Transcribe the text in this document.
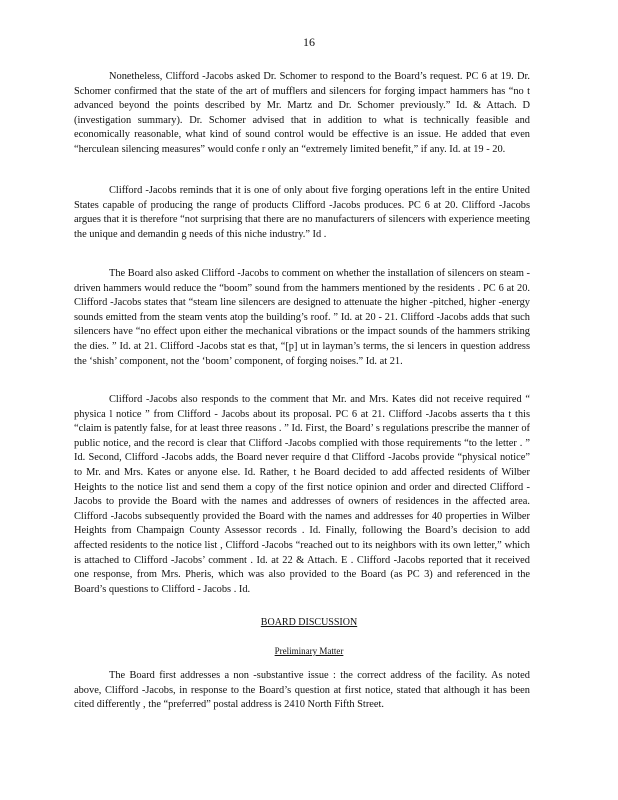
16

Nonetheless, Clifford -Jacobs asked Dr. Schomer to respond to the Board’s request. PC 6 at 19. Dr. Schomer confirmed that the state of the art of mufflers and silencers for forging impact hammers has “no t advanced beyond the points described by Mr. Martz and Dr. Schomer previously.” Id. & Attach. D (investigation summary). Dr. Schomer advised that in addition to what is technically feasible and economically reasonable, what kind of sound control would be effective is an issue. He added that even “herculean silencing measures” would confe r only an “extremely limited benefit,” if any. Id. at 19 - 20.

Clifford -Jacobs reminds that it is one of only about five forging operations left in the entire United States capable of producing the range of products Clifford -Jacobs produces. PC 6 at 20. Clifford -Jacobs argues that it is therefore “not surprising that there are no manufacturers of silencers with experience meeting the unique and demandin g needs of this niche industry.” Id .

The Board also asked Clifford -Jacobs to comment on whether the installation of silencers on steam -driven hammers would reduce the “boom” sound from the hammers mentioned by the residents . PC 6 at 20. Clifford -Jacobs states that “steam line silencers are designed to attenuate the higher -pitched, higher -energy sounds emitted from the steam vents atop the building’s roof. ” Id. at 20 - 21. Clifford -Jacobs adds that such silencers have “no effect upon either the mechanical vibrations or the impact sounds of the hammers striking the dies. ” Id. at 21. Clifford -Jacobs stat es that, “[p] ut in layman’s terms, the si lencers in question address the ‘shish’ component, not the ‘boom’ component, of forging noises.” Id. at 21.

Clifford -Jacobs also responds to the comment that Mr. and Mrs. Kates did not receive required “ physica l notice ” from Clifford - Jacobs about its proposal. PC 6 at 21. Clifford -Jacobs asserts tha t this “claim is patently false, for at least three reasons . ” Id. First, the Board’ s regulations prescribe the manner of public notice, and the record is clear that Clifford -Jacobs complied with those requirements “to the letter . ” Id. Second, Clifford -Jacobs adds, the Board never require d that Clifford -Jacobs provide “physical notice” to Mr. and Mrs. Kates or anyone else. Id. Rather, t he Board decided to add affected residents of Wilber Heights to the notice list and send them a copy of the first notice opinion and order and directed Clifford - Jacobs to provide the Board with the names and addresses of owners of residences in the affected area. Clifford -Jacobs subsequently provided the Board with the names and addresses for 40 properties in Wilber Heights from Champaign County Assessor records . Id. Finally, following the Board’s decision to add affected residents to the notice list , Clifford -Jacobs “reached out to its neighbors with its own letter,” which is attached to Clifford -Jacobs’ comment . Id. at 22 & Attach. E . Clifford -Jacobs reported that it received one response, from Mrs. Pheris, which was also provided to the Board (as PC 3) and referenced in the Board’s questions to Clifford - Jacobs . Id.

BOARD DISCUSSION
Preliminary Matter

The Board first addresses a non -substantive issue : the correct address of the facility. As noted above, Clifford -Jacobs, in response to the Board’s question at first notice, stated that although it has been cited differently , the “preferred” postal address is 2410 North Fifth Street.
